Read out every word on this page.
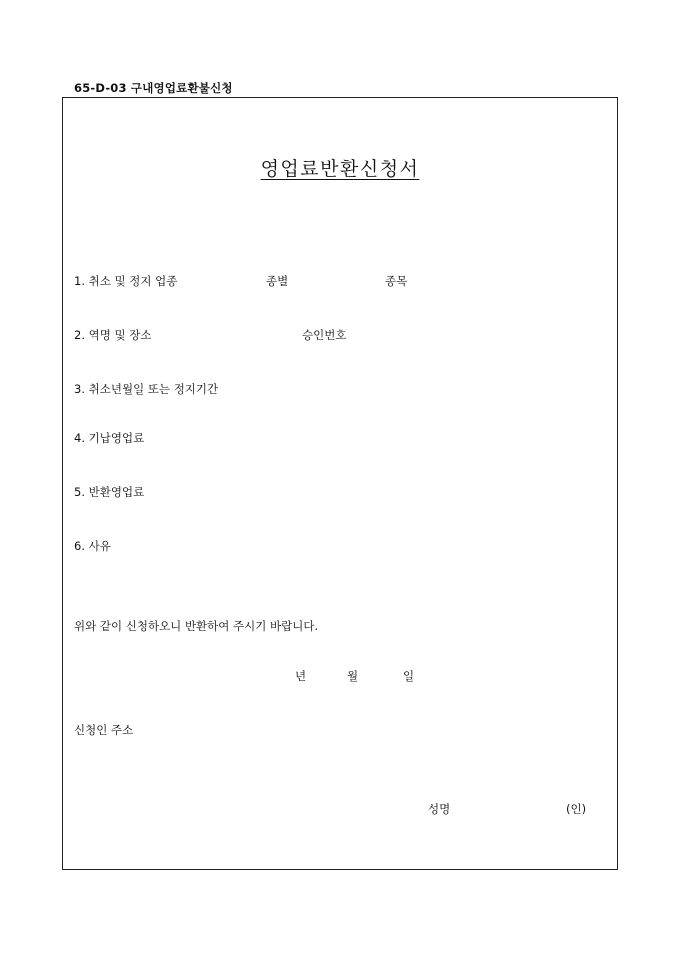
65-D-03 구내영업료환불신청
영업료반환신청서
1. 취소 및 정지 업종	종별	종목
2. 역명 및 장소	승인번호
3. 취소년월일 또는 정지기간
4. 기납영업료
5. 반환영업료
6. 사유
위와 같이 신청하오니 반환하여 주시기 바랍니다.
년	월	일
신청인 주소
성명	(인)
